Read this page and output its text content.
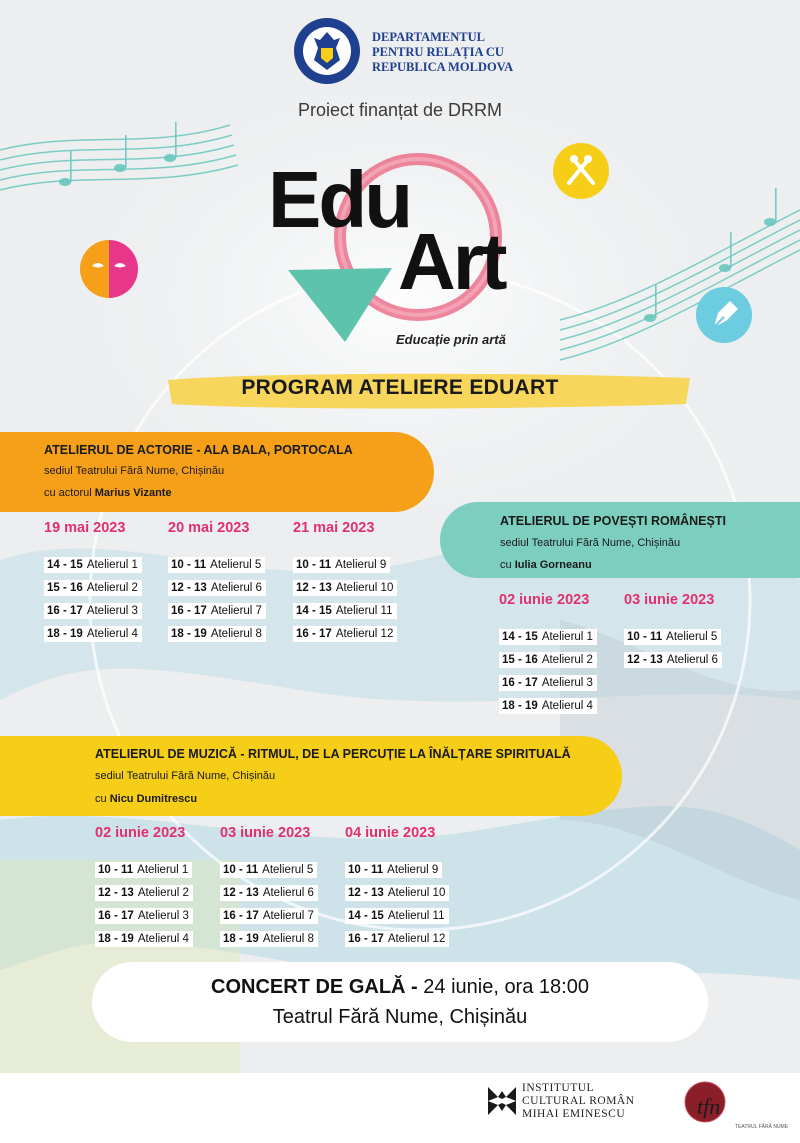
DEPARTAMENTUL
PENTRU RELAȚIA CU
REPUBLICA MOLDOVA
Proiect finanțat de DRRM
Edu
Art
Educație prin artă
PROGRAM ATELIERE EDUART
ATELIERUL DE ACTORIE - ALA BALA, PORTOCALA
sediul Teatrului Fără Nume, Chișinău
cu actorul Marius Vizante
19 mai 2023
14 - 15 Atelierul 1
15 - 16 Atelierul 2
16 - 17 Atelierul 3
18 - 19 Atelierul 4
20 mai 2023
10 - 11 Atelierul 5
12 - 13 Atelierul 6
16 - 17 Atelierul 7
18 - 19 Atelierul 8
21 mai 2023
10 - 11 Atelierul 9
12 - 13 Atelierul 10
14 - 15 Atelierul 11
16 - 17 Atelierul 12
ATELIERUL DE POVEȘTI ROMÂNEȘTI
sediul Teatrului Fără Nume, Chișinău
cu Iulia Gorneanu
02 iunie 2023
14 - 15 Atelierul 1
15 - 16 Atelierul 2
16 - 17 Atelierul 3
18 - 19 Atelierul 4
03 iunie 2023
10 - 11 Atelierul 5
12 - 13 Atelierul 6
ATELIERUL DE MUZICĂ - RITMUL, DE LA PERCUȚIE LA ÎNĂLȚARE SPIRITUALĂ
sediul Teatrului Fără Nume, Chișinău
cu Nicu Dumitrescu
02 iunie 2023
10 - 11 Atelierul 1
12 - 13 Atelierul 2
16 - 17 Atelierul 3
18 - 19 Atelierul 4
03 iunie 2023
10 - 11 Atelierul 5
12 - 13 Atelierul 6
16 - 17 Atelierul 7
18 - 19 Atelierul 8
04 iunie 2023
10 - 11 Atelierul 9
12 - 13 Atelierul 10
14 - 15 Atelierul 11
16 - 17 Atelierul 12
CONCERT DE GALĂ - 24 iunie, ora 18:00
Teatrul Fără Nume, Chișinău
INSTITUTUL
CULTURAL ROMÂN
MIHAI EMINESCU	tfn
TEATRUL FĂRĂ NUME
